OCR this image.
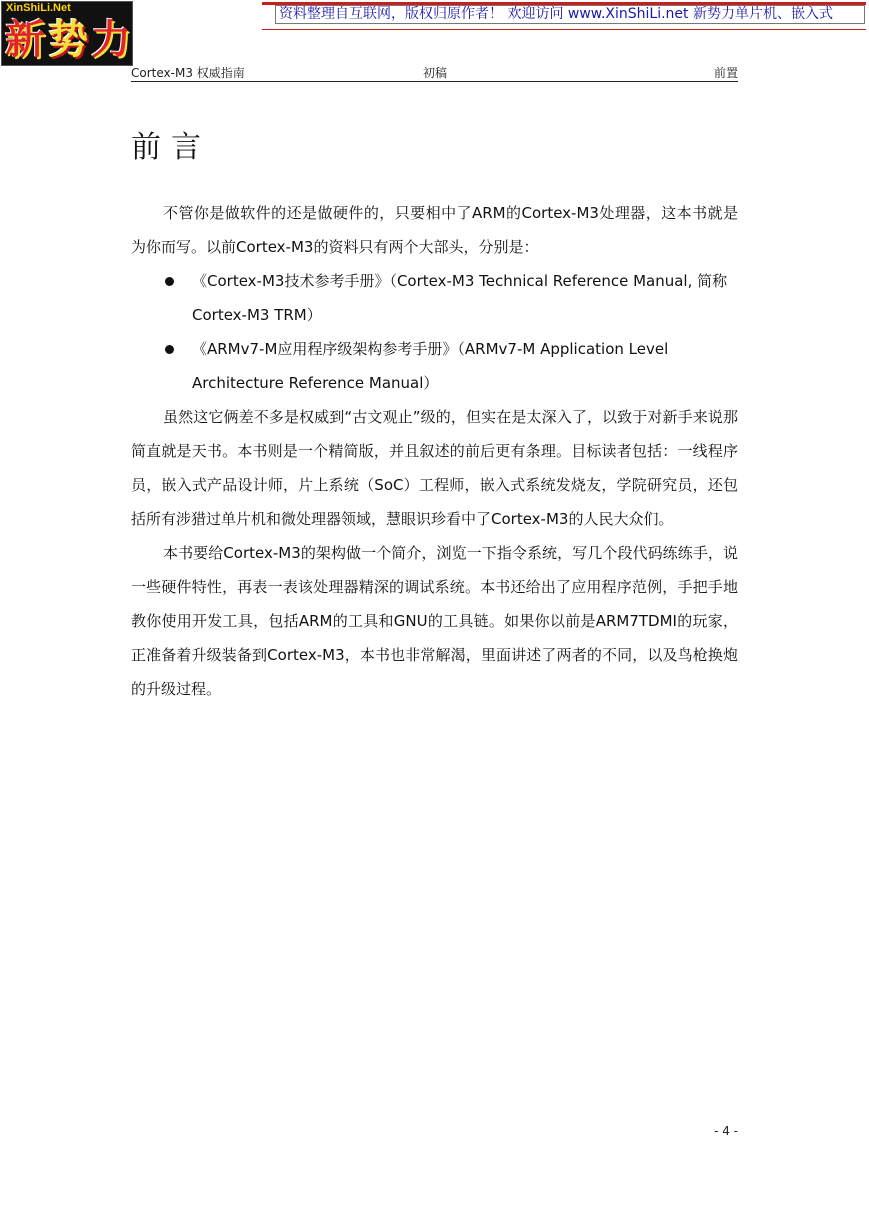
XinShiLi.Net
新 势 力
资料整理自互联网，版权归原作者！ 欢迎访问 www.XinShiLi.net 新势力单片机、嵌入式
Cortex-M3 权威指南	初稿	前置
前言

不管你是做软件的还是做硬件的，只要相中了ARM的Cortex-M3处理器，这本书就是为你而写。以前Cortex-M3的资料只有两个大部头，分别是：

《Cortex-M3技术参考手册》（Cortex-M3 Technical Reference Manual, 简称Cortex-M3 TRM）
《ARMv7-M应用程序级架构参考手册》（ARMv7-M Application Level Architecture Reference Manual）

虽然这它俩差不多是权威到“古文观止”级的，但实在是太深入了，以致于对新手来说那简直就是天书。本书则是一个精简版，并且叙述的前后更有条理。目标读者包括：一线程序员，嵌入式产品设计师，片上系统（SoC）工程师，嵌入式系统发烧友，学院研究员，还包括所有涉猎过单片机和微处理器领域，慧眼识珍看中了Cortex-M3的人民大众们。

本书要给Cortex-M3的架构做一个简介，浏览一下指令系统，写几个段代码练练手，说一些硬件特性，再表一表该处理器精深的调试系统。本书还给出了应用程序范例，手把手地教你使用开发工具，包括ARM的工具和GNU的工具链。如果你以前是ARM7TDMI的玩家，正准备着升级装备到Cortex-M3，本书也非常解渴，里面讲述了两者的不同，以及鸟枪换炮的升级过程。

- 4 -
